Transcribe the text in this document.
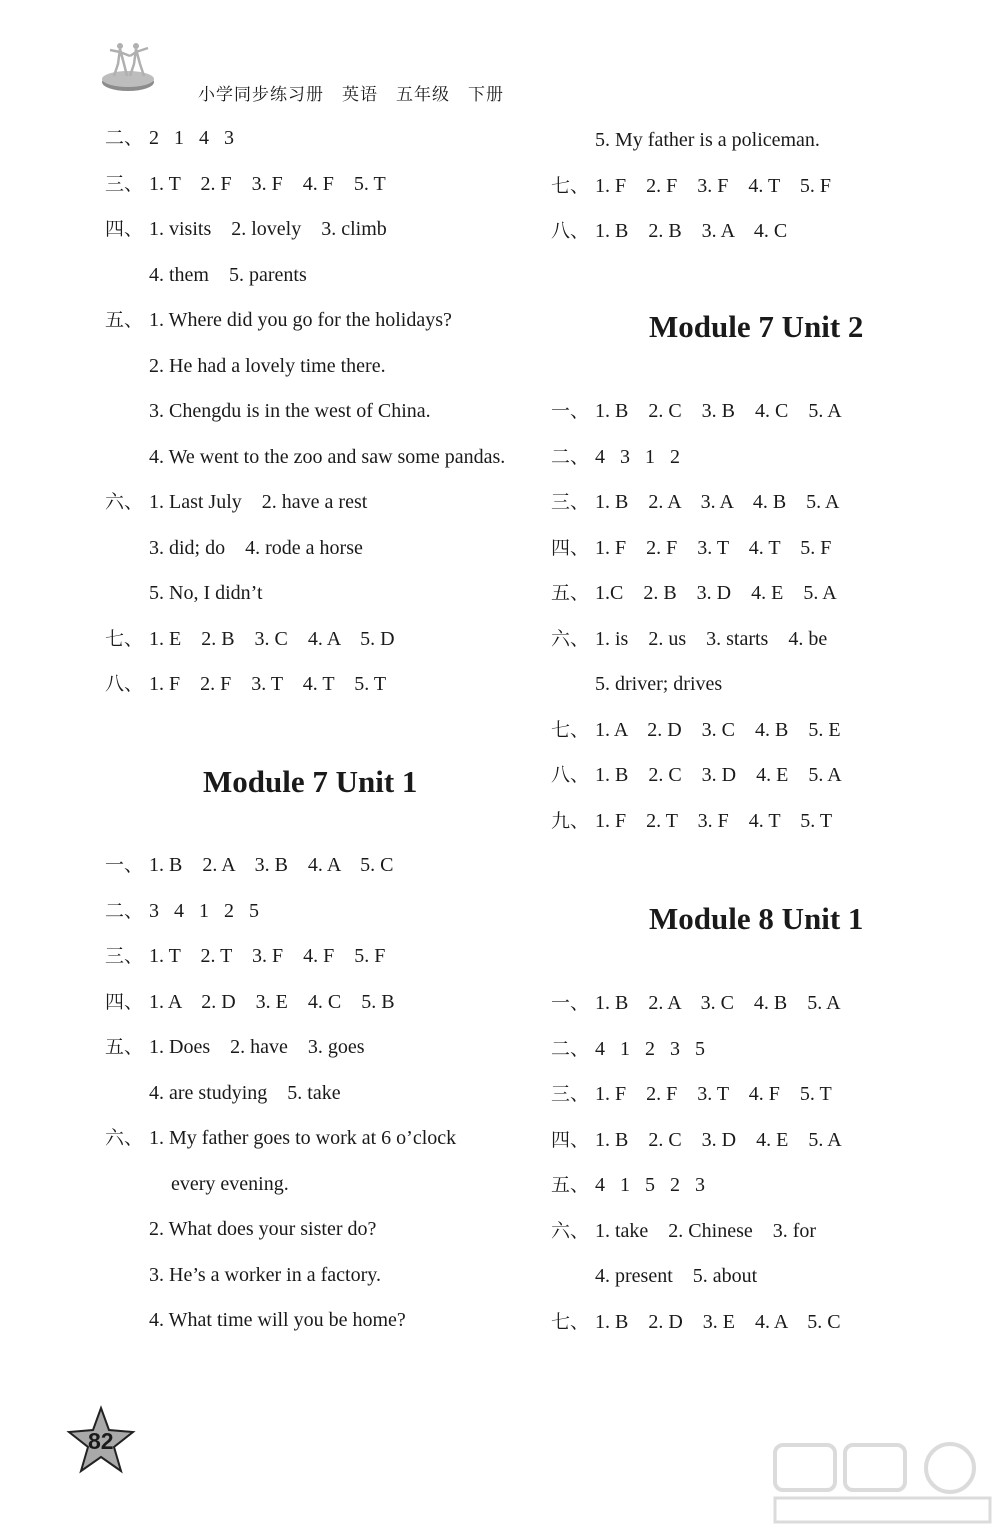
小学同步练习册　英语　五年级　下册
二、 2   1   4   3
三、 1. T    2. F    3. F    4. F    5. T
四、 1. visits    2. lovely    3. climb
4. them    5. parents
五、 1. Where did you go for the holidays?
2. He had a lovely time there.
3. Chengdu is in the west of China.
4. We went to the zoo and saw some pandas.
六、 1. Last July    2. have a rest
3. did; do    4. rode a horse
5. No, I didn’t
七、 1. E    2. B    3. C    4. A    5. D
八、 1. F    2. F    3. T    4. T    5. T
Module 7 Unit 1
一、 1. B    2. A    3. B    4. A    5. C
二、 3   4   1   2   5
三、 1. T    2. T    3. F    4. F    5. F
四、 1. A    2. D    3. E    4. C    5. B
五、 1. Does    2. have    3. goes
4. are studying    5. take
六、 1. My father goes to work at 6 o’clock
every evening.
2. What does your sister do?
3. He’s a worker in a factory.
4. What time will you be home?
5. My father is a policeman.
七、 1. F    2. F    3. F    4. T    5. F
八、 1. B    2. B    3. A    4. C
Module 7 Unit 2
一、 1. B    2. C    3. B    4. C    5. A
二、 4   3   1   2
三、 1. B    2. A    3. A    4. B    5. A
四、 1. F    2. F    3. T    4. T    5. F
五、 1.C    2. B    3. D    4. E    5. A
六、 1. is    2. us    3. starts    4. be
5. driver; drives
七、 1. A    2. D    3. C    4. B    5. E
八、 1. B    2. C    3. D    4. E    5. A
九、 1. F    2. T    3. F    4. T    5. T
Module 8 Unit 1
一、 1. B    2. A    3. C    4. B    5. A
二、 4   1   2   3   5
三、 1. F    2. F    3. T    4. F    5. T
四、 1. B    2. C    3. D    4. E    5. A
五、 4   1   5   2   3
六、 1. take    2. Chinese    3. for
4. present    5. about
七、 1. B    2. D    3. E    4. A    5. C
82
